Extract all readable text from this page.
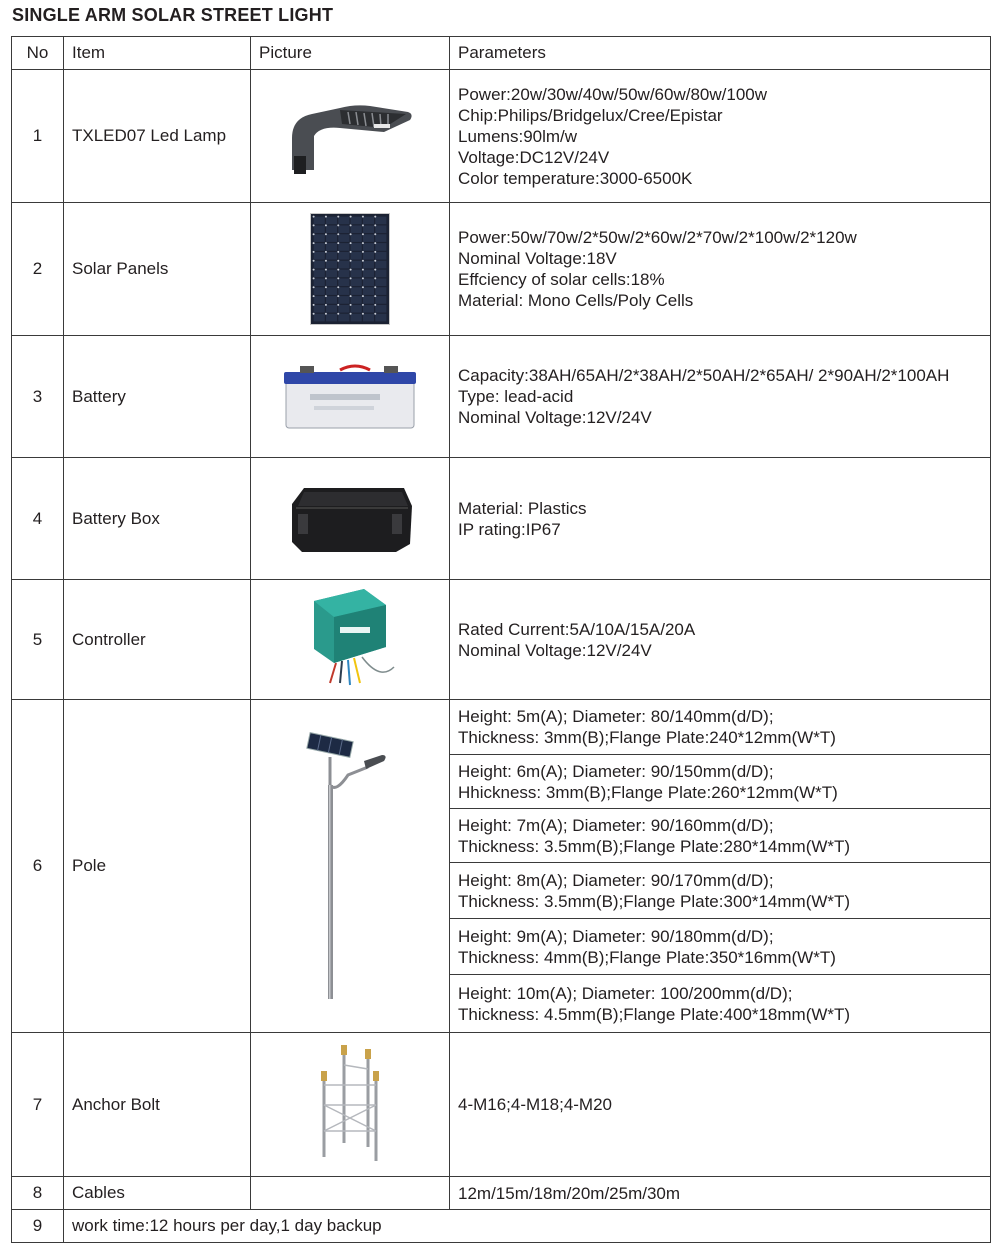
SINGLE ARM SOLAR STREET LIGHT
No	Item	Picture	Parameters
1	TXLED07 Led Lamp		Power:20w/30w/40w/50w/60w/80w/100w
Chip:Philips/Bridgelux/Cree/Epistar
Lumens:90lm/w
Voltage:DC12V/24V
Color temperature:3000-6500K

2	Solar Panels		Power:50w/70w/2*50w/2*60w/2*70w/2*100w/2*120w
Nominal Voltage:18V
Effciency of solar cells:18%
Material: Mono Cells/Poly Cells

3	Battery		Capacity:38AH/65AH/2*38AH/2*50AH/2*65AH/ 2*90AH/2*100AH
Type: lead-acid
Nominal Voltage:12V/24V

4	Battery Box		Material: Plastics
IP rating:IP67

5	Controller		Rated Current:5A/10A/15A/20A
Nominal Voltage:12V/24V

6	Pole		Height: 5m(A); Diameter: 80/140mm(d/D);
Thickness: 3mm(B);Flange Plate:240*12mm(W*T)

			Height: 6m(A); Diameter: 90/150mm(d/D);
Hhickness: 3mm(B);Flange Plate:260*12mm(W*T)

			Height: 7m(A); Diameter: 90/160mm(d/D);
Thickness: 3.5mm(B);Flange Plate:280*14mm(W*T)

			Height: 8m(A); Diameter: 90/170mm(d/D);
Thickness: 3.5mm(B);Flange Plate:300*14mm(W*T)

			Height: 9m(A); Diameter: 90/180mm(d/D);
Thickness: 4mm(B);Flange Plate:350*16mm(W*T)

			Height: 10m(A); Diameter: 100/200mm(d/D);
Thickness: 4.5mm(B);Flange Plate:400*18mm(W*T)

7	Anchor Bolt		4-M16;4-M18;4-M20

8	Cables		12m/15m/18m/20m/25m/30m

9	work time:12 hours per day,1 day backup		
